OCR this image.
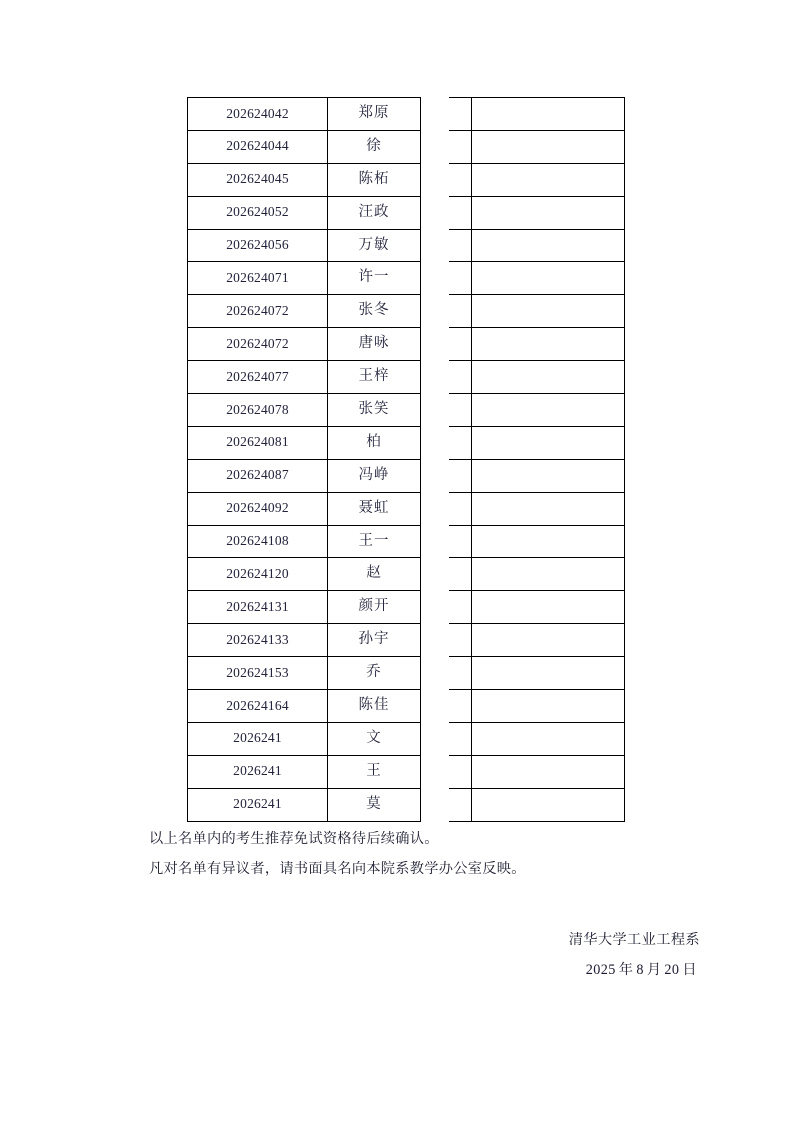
202624042	郑原		
202624044	徐		
202624045	陈柘		
202624052	汪政		
202624056	万敏		
202624071	许一		
202624072	张冬		
202624072	唐咏		
202624077	王梓		
202624078	张笑		
202624081	柏		
202624087	冯峥		
202624092	聂虹		
202624108	王一		
202624120	赵		
202624131	颜开		
202624133	孙宇		
202624153	乔		
202624164	陈佳		
2026241	文		
2026241	王		
2026241	莫		
以上名单内的考生推荐免试资格待后续确认。
凡对名单有异议者，请书面具名向本院系教学办公室反映。
清华大学工业工程系
2025 年 8 月 20 日
